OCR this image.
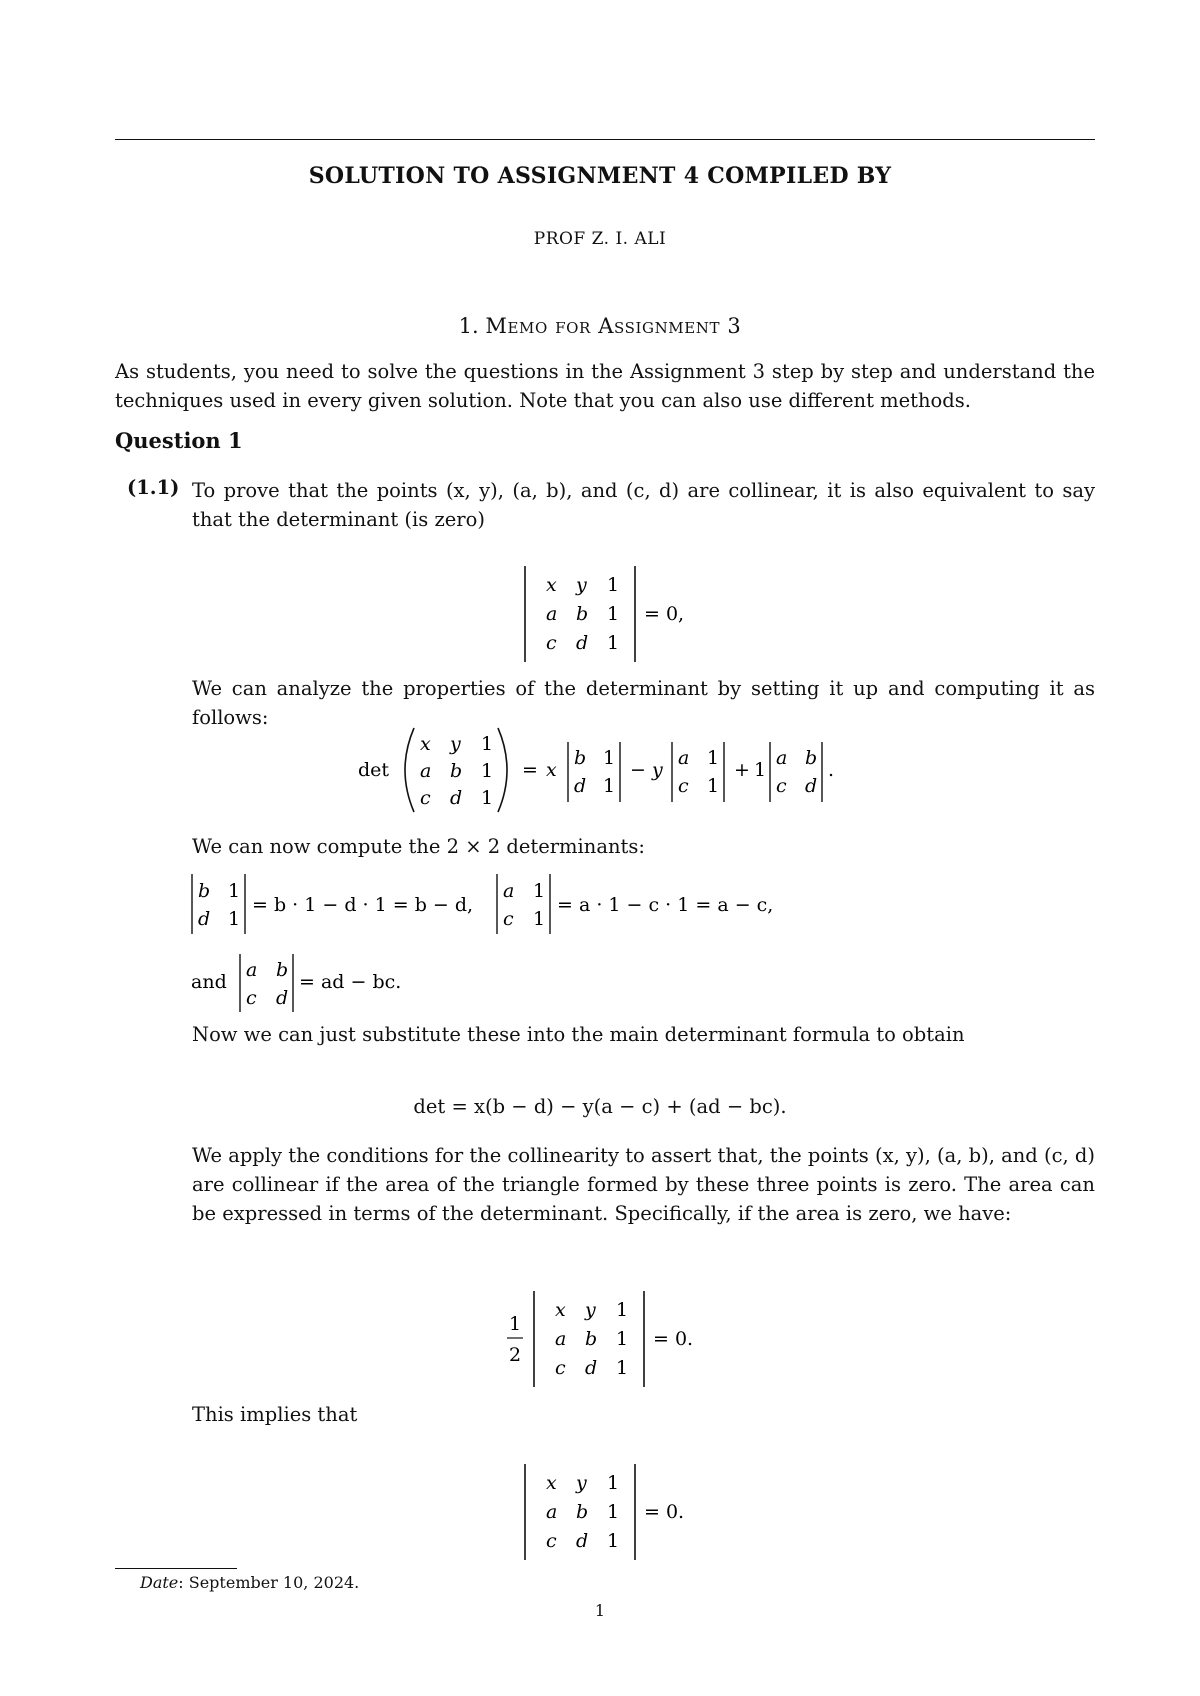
SOLUTION TO ASSIGNMENT 4 COMPILED BY
PROF Z. I. ALI
1. Memo for Assignment 3
As students, you need to solve the questions in the Assignment 3 step by step and understand the techniques used in every given solution. Note that you can also use different methods.
Question 1
(1.1) To prove that the points (x, y), (a, b), and (c, d) are collinear, it is also equivalent to say that the determinant (is zero)
x y 1
a b 1
c d 1
= 0,
We can analyze the properties of the determinant by setting it up and computing it as follows:
det
x y 1
a b 1
c d 1
= x
b 1
d 1
− y
a 1
c 1
+ 1
a b
c d
.
We can now compute the 2 × 2 determinants:
b 1
d 1
= b · 1 − d · 1 = b − d,
a 1
c 1
= a · 1 − c · 1 = a − c,
and
a b
c d
= ad − bc.
Now we can just substitute these into the main determinant formula to obtain
det = x(b − d) − y(a − c) + (ad − bc).
We apply the conditions for the collinearity to assert that, the points (x, y), (a, b), and (c, d) are collinear if the area of the triangle formed by these three points is zero. The area can be expressed in terms of the determinant. Specifically, if the area is zero, we have:
1
2
x y 1
a b 1
c d 1
= 0.
This implies that
x y 1
a b 1
c d 1
= 0.
Date: September 10, 2024.
1
